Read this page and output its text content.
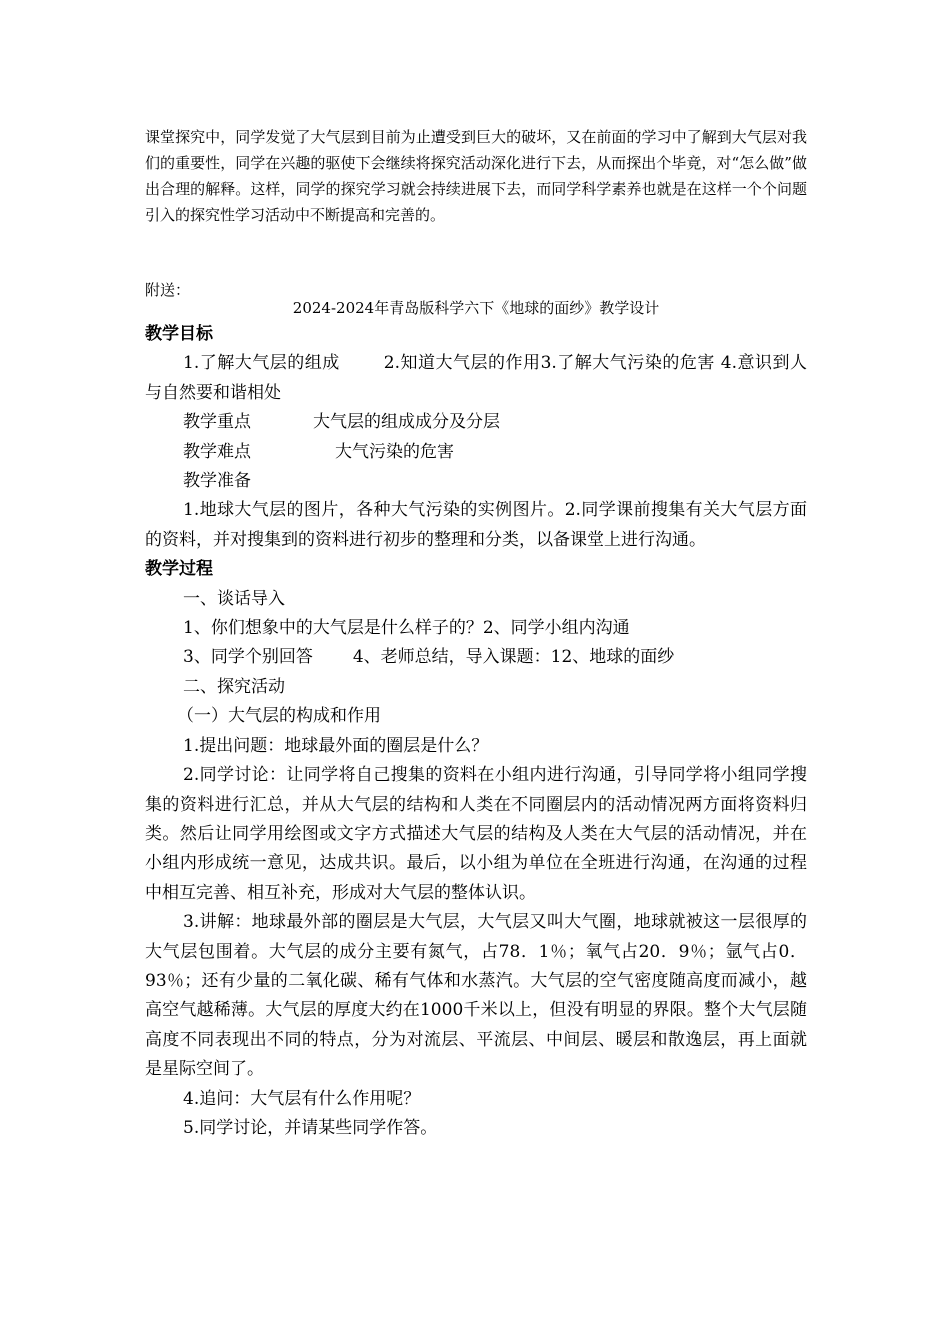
课堂探究中，同学发觉了大气层到目前为止遭受到巨大的破坏，又在前面的学习中了解到大气层对我们的重要性，同学在兴趣的驱使下会继续将探究活动深化进行下去，从而探出个毕竟，对“怎么做”做出合理的解释。这样，同学的探究学习就会持续进展下去，而同学科学素养也就是在这样一个个问题引入的探究性学习活动中不断提高和完善的。

附送：

2024-2024年青岛版科学六下《地球的面纱》教学设计

教学目标

1.了解大气层的组成	2.知道大气层的作用3.了解大气污染的危害 4.意识到人与自然要和谐相处

教学重点	大气层的组成成分及分层

教学难点	大气污染的危害

教学准备

1.地球大气层的图片，各种大气污染的实例图片。2.同学课前搜集有关大气层方面的资料，并对搜集到的资料进行初步的整理和分类，以备课堂上进行沟通。

教学过程

一、谈话导入

1、你们想象中的大气层是什么样子的？2、同学小组内沟通

3、同学个别回答 4、老师总结，导入课题：12、地球的面纱

二、探究活动

（一）大气层的构成和作用

1.提出问题：地球最外面的圈层是什么？

2.同学讨论：让同学将自己搜集的资料在小组内进行沟通，引导同学将小组同学搜集的资料进行汇总，并从大气层的结构和人类在不同圈层内的活动情况两方面将资料归类。然后让同学用绘图或文字方式描述大气层的结构及人类在大气层的活动情况，并在小组内形成统一意见，达成共识。最后，以小组为单位在全班进行沟通，在沟通的过程中相互完善、相互补充，形成对大气层的整体认识。

3.讲解：地球最外部的圈层是大气层，大气层又叫大气圈，地球就被这一层很厚的大气层包围着。大气层的成分主要有氮气，占78．1％；氧气占20．9％；氩气占0．93％；还有少量的二氧化碳、稀有气体和水蒸汽。大气层的空气密度随高度而减小，越高空气越稀薄。大气层的厚度大约在1000千米以上，但没有明显的界限。整个大气层随高度不同表现出不同的特点，分为对流层、平流层、中间层、暖层和散逸层，再上面就是星际空间了。

4.追问：大气层有什么作用呢？

5.同学讨论，并请某些同学作答。
